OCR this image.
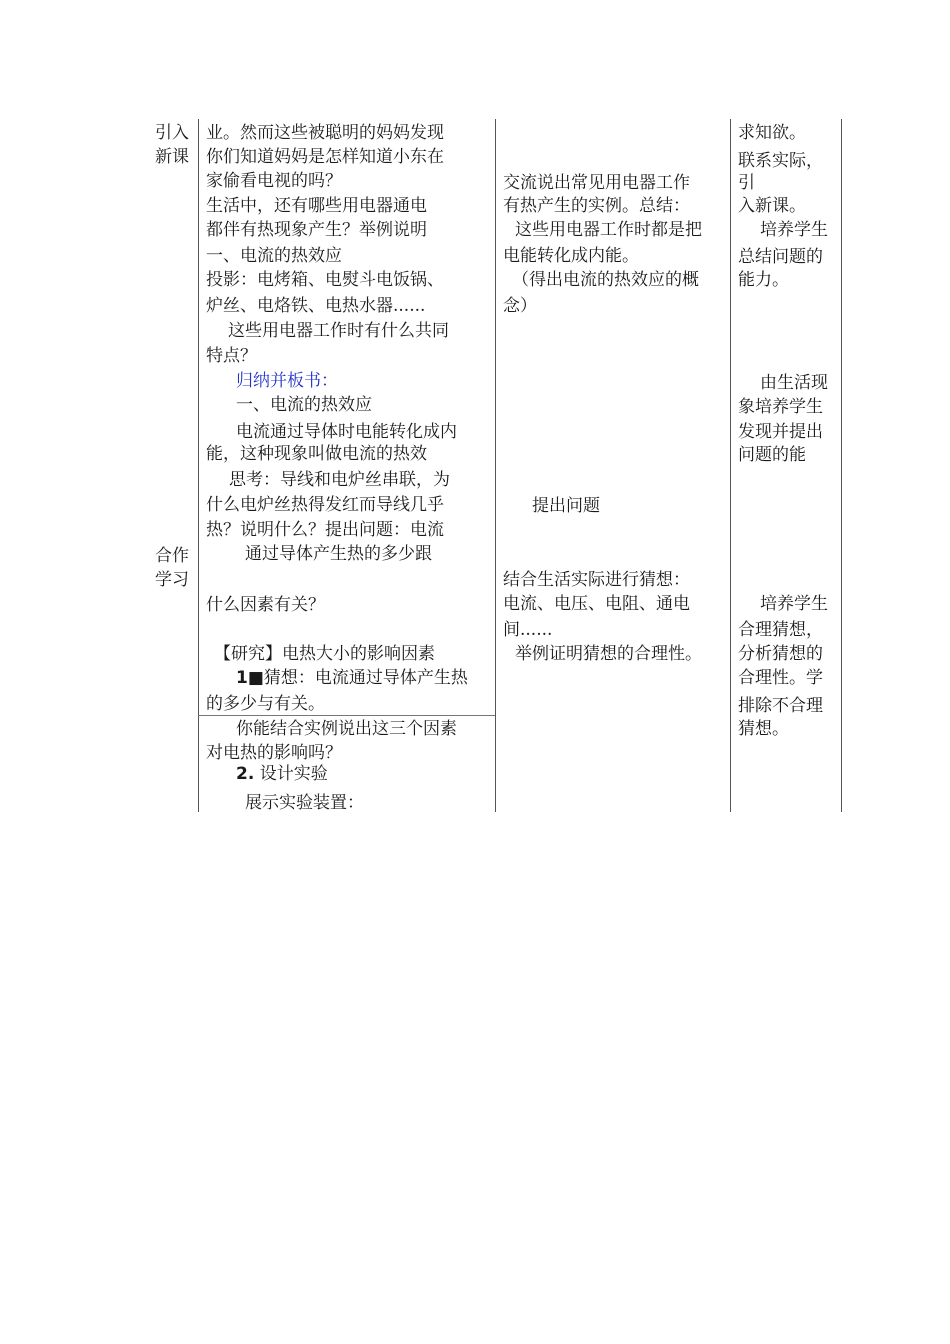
引入
新课
合作
学习
业。然而这些被聪明的妈妈发现
你们知道妈妈是怎样知道小东在
家偷看电视的吗？
生活中，还有哪些用电器通电
都伴有热现象产生？举例说明
一、电流的热效应
投影：电烤箱、电熨斗电饭锅、
炉丝、电烙铁、电热水器......
这些用电器工作时有什么共同
特点？
归纳并板书：
一、电流的热效应
电流通过导体时电能转化成内
能，这种现象叫做电流的热效
思考：导线和电炉丝串联，为
什么电炉丝热得发红而导线几乎
热？说明什么？提出问题：电流
通过导体产生热的多少跟
什么因素有关？
【研究】电热大小的影响因素
1■猜想：电流通过导体产生热
的多少与有关。
你能结合实例说出这三个因素
对电热的影响吗？
2. 设计实验
展示实验装置：
交流说出常见用电器工作
有热产生的实例。总结：
这些用电器工作时都是把
电能转化成内能。
（得出电流的热效应的概
念）
提出问题
结合生活实际进行猜想：
电流、电压、电阻、通电
间......
举例证明猜想的合理性。
求知欲。
联系实际，
引
入新课。
培养学生
总结问题的
能力。
由生活现
象培养学生
发现并提出
问题的能
培养学生
合理猜想，
分析猜想的
合理性。学
排除不合理
猜想。
